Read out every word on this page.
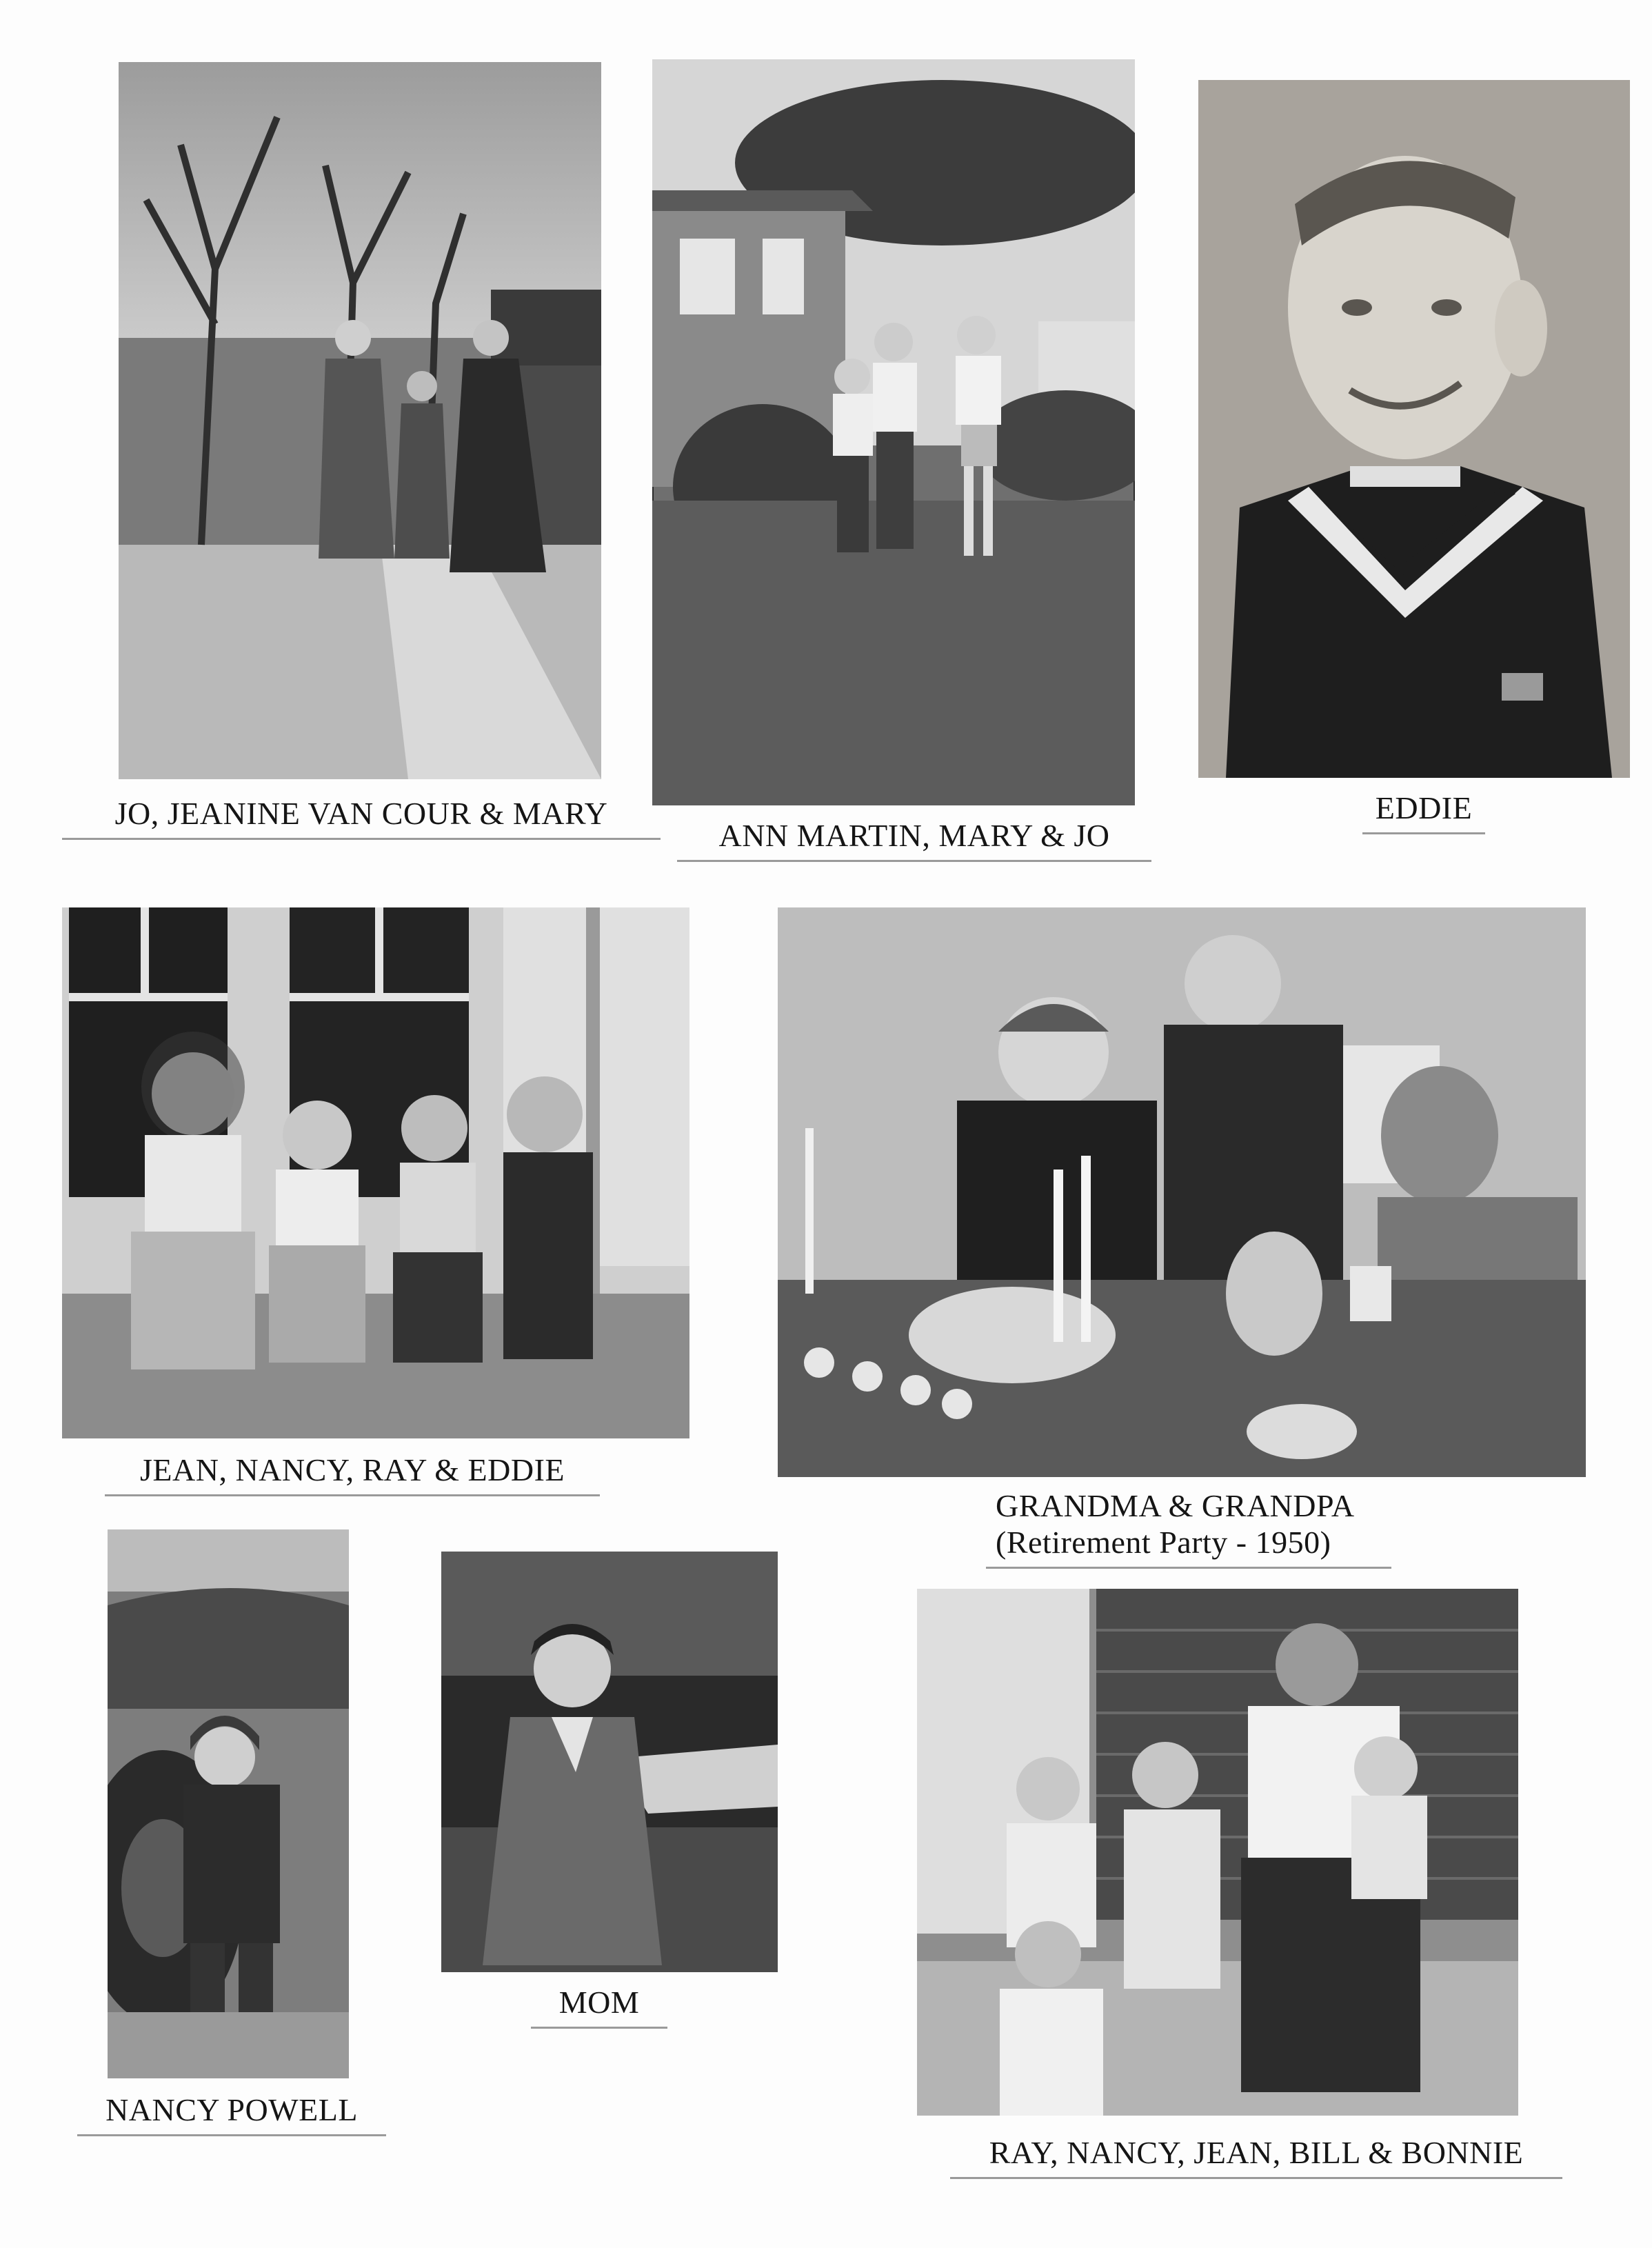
JO, JEANINE VAN COUR & MARY
ANN MARTIN, MARY & JO
EDDIE
JEAN, NANCY, RAY & EDDIE
GRANDMA & GRANDPA
(Retirement Party - 1950)
NANCY POWELL
MOM
RAY, NANCY, JEAN, BILL & BONNIE
